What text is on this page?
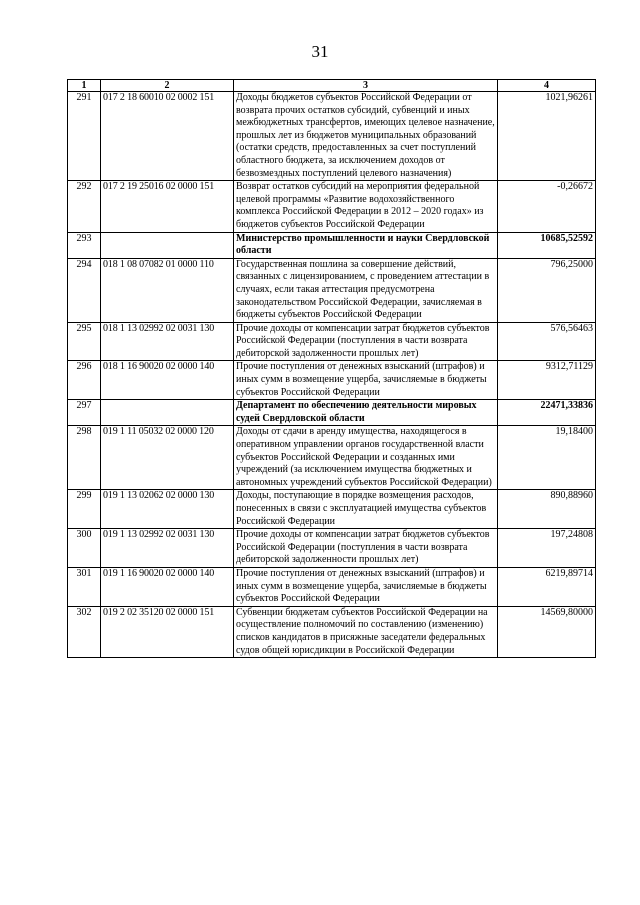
31
1	2	3	4
291	017 2 18 60010 02 0002 151	Доходы бюджетов субъектов Российской Федерации от возврата прочих остатков субсидий, субвенций и иных межбюджетных трансфертов, имеющих целевое назначение, прошлых лет из бюджетов муниципальных образований (остатки средств, предоставленных за счет поступлений областного бюджета, за исключением доходов от безвозмездных поступлений целевого назначения)	1021,96261
292	017 2 19 25016 02 0000 151	Возврат остатков субсидий на мероприятия федеральной целевой программы «Развитие водохозяйственного комплекса Российской Федерации в 2012 – 2020 годах» из бюджетов субъектов Российской Федерации	-0,26672
293		Министерство промышленности и науки Свердловской области	10685,52592
294	018 1 08 07082 01 0000 110	Государственная пошлина за совершение действий, связанных с лицензированием, с проведением аттестации в случаях, если такая аттестация предусмотрена законодательством Российской Федерации, зачисляемая в бюджеты субъектов Российской Федерации	796,25000
295	018 1 13 02992 02 0031 130	Прочие доходы от компенсации затрат бюджетов субъектов Российской Федерации (поступления в части возврата дебиторской задолженности прошлых лет)	576,56463
296	018 1 16 90020 02 0000 140	Прочие поступления от денежных взысканий (штрафов) и иных сумм в возмещение ущерба, зачисляемые в бюджеты субъектов Российской Федерации	9312,71129
297		Департамент по обеспечению деятельности мировых судей Свердловской области	22471,33836
298	019 1 11 05032 02 0000 120	Доходы от сдачи в аренду имущества, находящегося в оперативном управлении органов государственной власти субъектов Российской Федерации и созданных ими учреждений (за исключением имущества бюджетных и автономных учреждений субъектов Российской Федерации)	19,18400
299	019 1 13 02062 02 0000 130	Доходы, поступающие в порядке возмещения расходов, понесенных в связи с эксплуатацией имущества субъектов Российской Федерации	890,88960
300	019 1 13 02992 02 0031 130	Прочие доходы от компенсации затрат бюджетов субъектов Российской Федерации (поступления в части возврата дебиторской задолженности прошлых лет)	197,24808
301	019 1 16 90020 02 0000 140	Прочие поступления от денежных взысканий (штрафов) и иных сумм в возмещение ущерба, зачисляемые в бюджеты субъектов Российской Федерации	6219,89714
302	019 2 02 35120 02 0000 151	Субвенции бюджетам субъектов Российской Федерации на осуществление полномочий по составлению (изменению) списков кандидатов в присяжные заседатели федеральных судов общей юрисдикции в Российской Федерации	14569,80000
